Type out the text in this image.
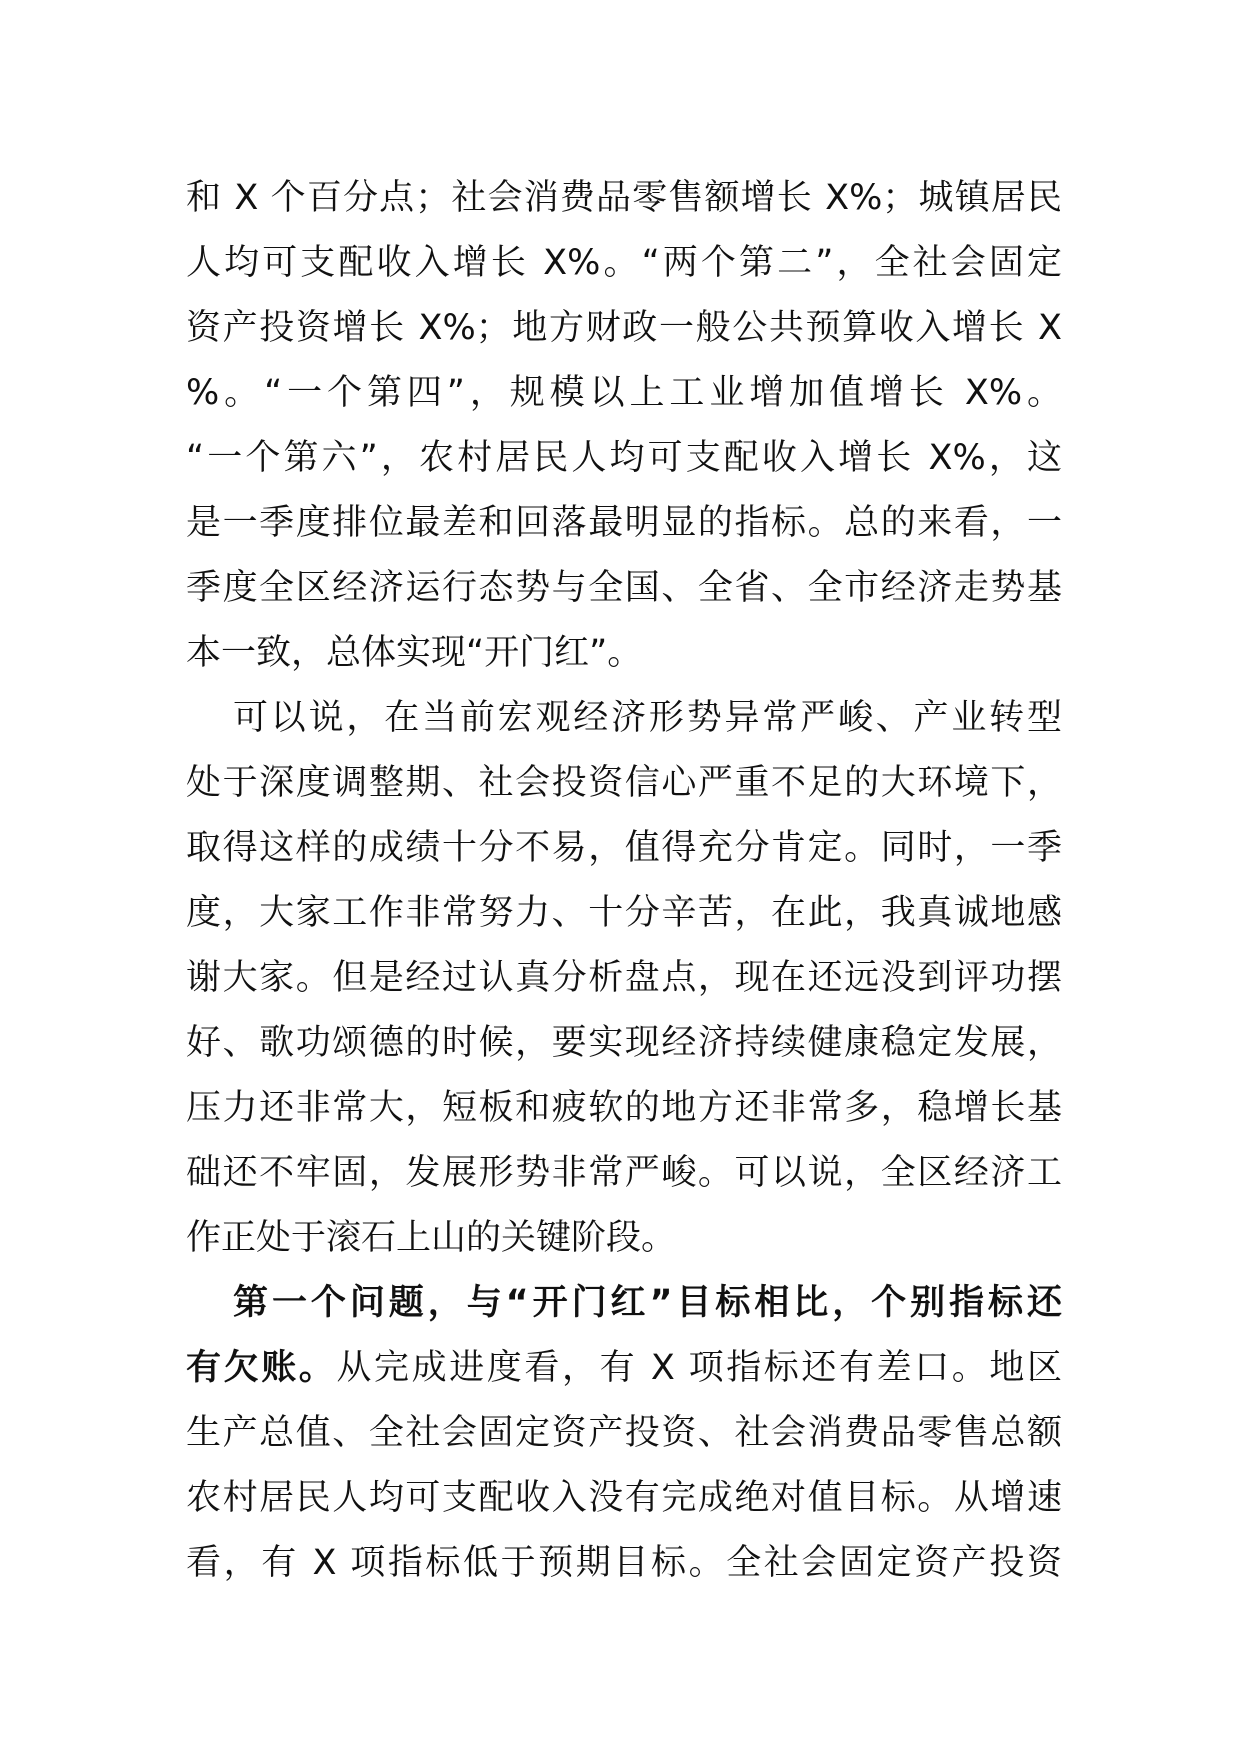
和 X 个百分点；社会消费品零售额增长 X%；城镇居民
人均可支配收入增长 X%。“两个第二”，全社会固定
资产投资增长 X%；地方财政一般公共预算收入增长 X
%。“一个第四”，规模以上工业增加值增长 X%。
“一个第六”，农村居民人均可支配收入增长 X%，这
是一季度排位最差和回落最明显的指标。总的来看，一
季度全区经济运行态势与全国、全省、全市经济走势基
本一致，总体实现“开门红”。
可以说，在当前宏观经济形势异常严峻、产业转型
处于深度调整期、社会投资信心严重不足的大环境下，
取得这样的成绩十分不易，值得充分肯定。同时，一季
度，大家工作非常努力、十分辛苦，在此，我真诚地感
谢大家。但是经过认真分析盘点，现在还远没到评功摆
好、歌功颂德的时候，要实现经济持续健康稳定发展，
压力还非常大，短板和疲软的地方还非常多，稳增长基
础还不牢固，发展形势非常严峻。可以说，全区经济工
作正处于滚石上山的关键阶段。
第一个问题，与“开门红”目标相比，个别指标还
有欠账。从完成进度看，有 X 项指标还有差口。地区
生产总值、全社会固定资产投资、社会消费品零售总额
农村居民人均可支配收入没有完成绝对值目标。从增速
看，有 X 项指标低于预期目标。全社会固定资产投资
